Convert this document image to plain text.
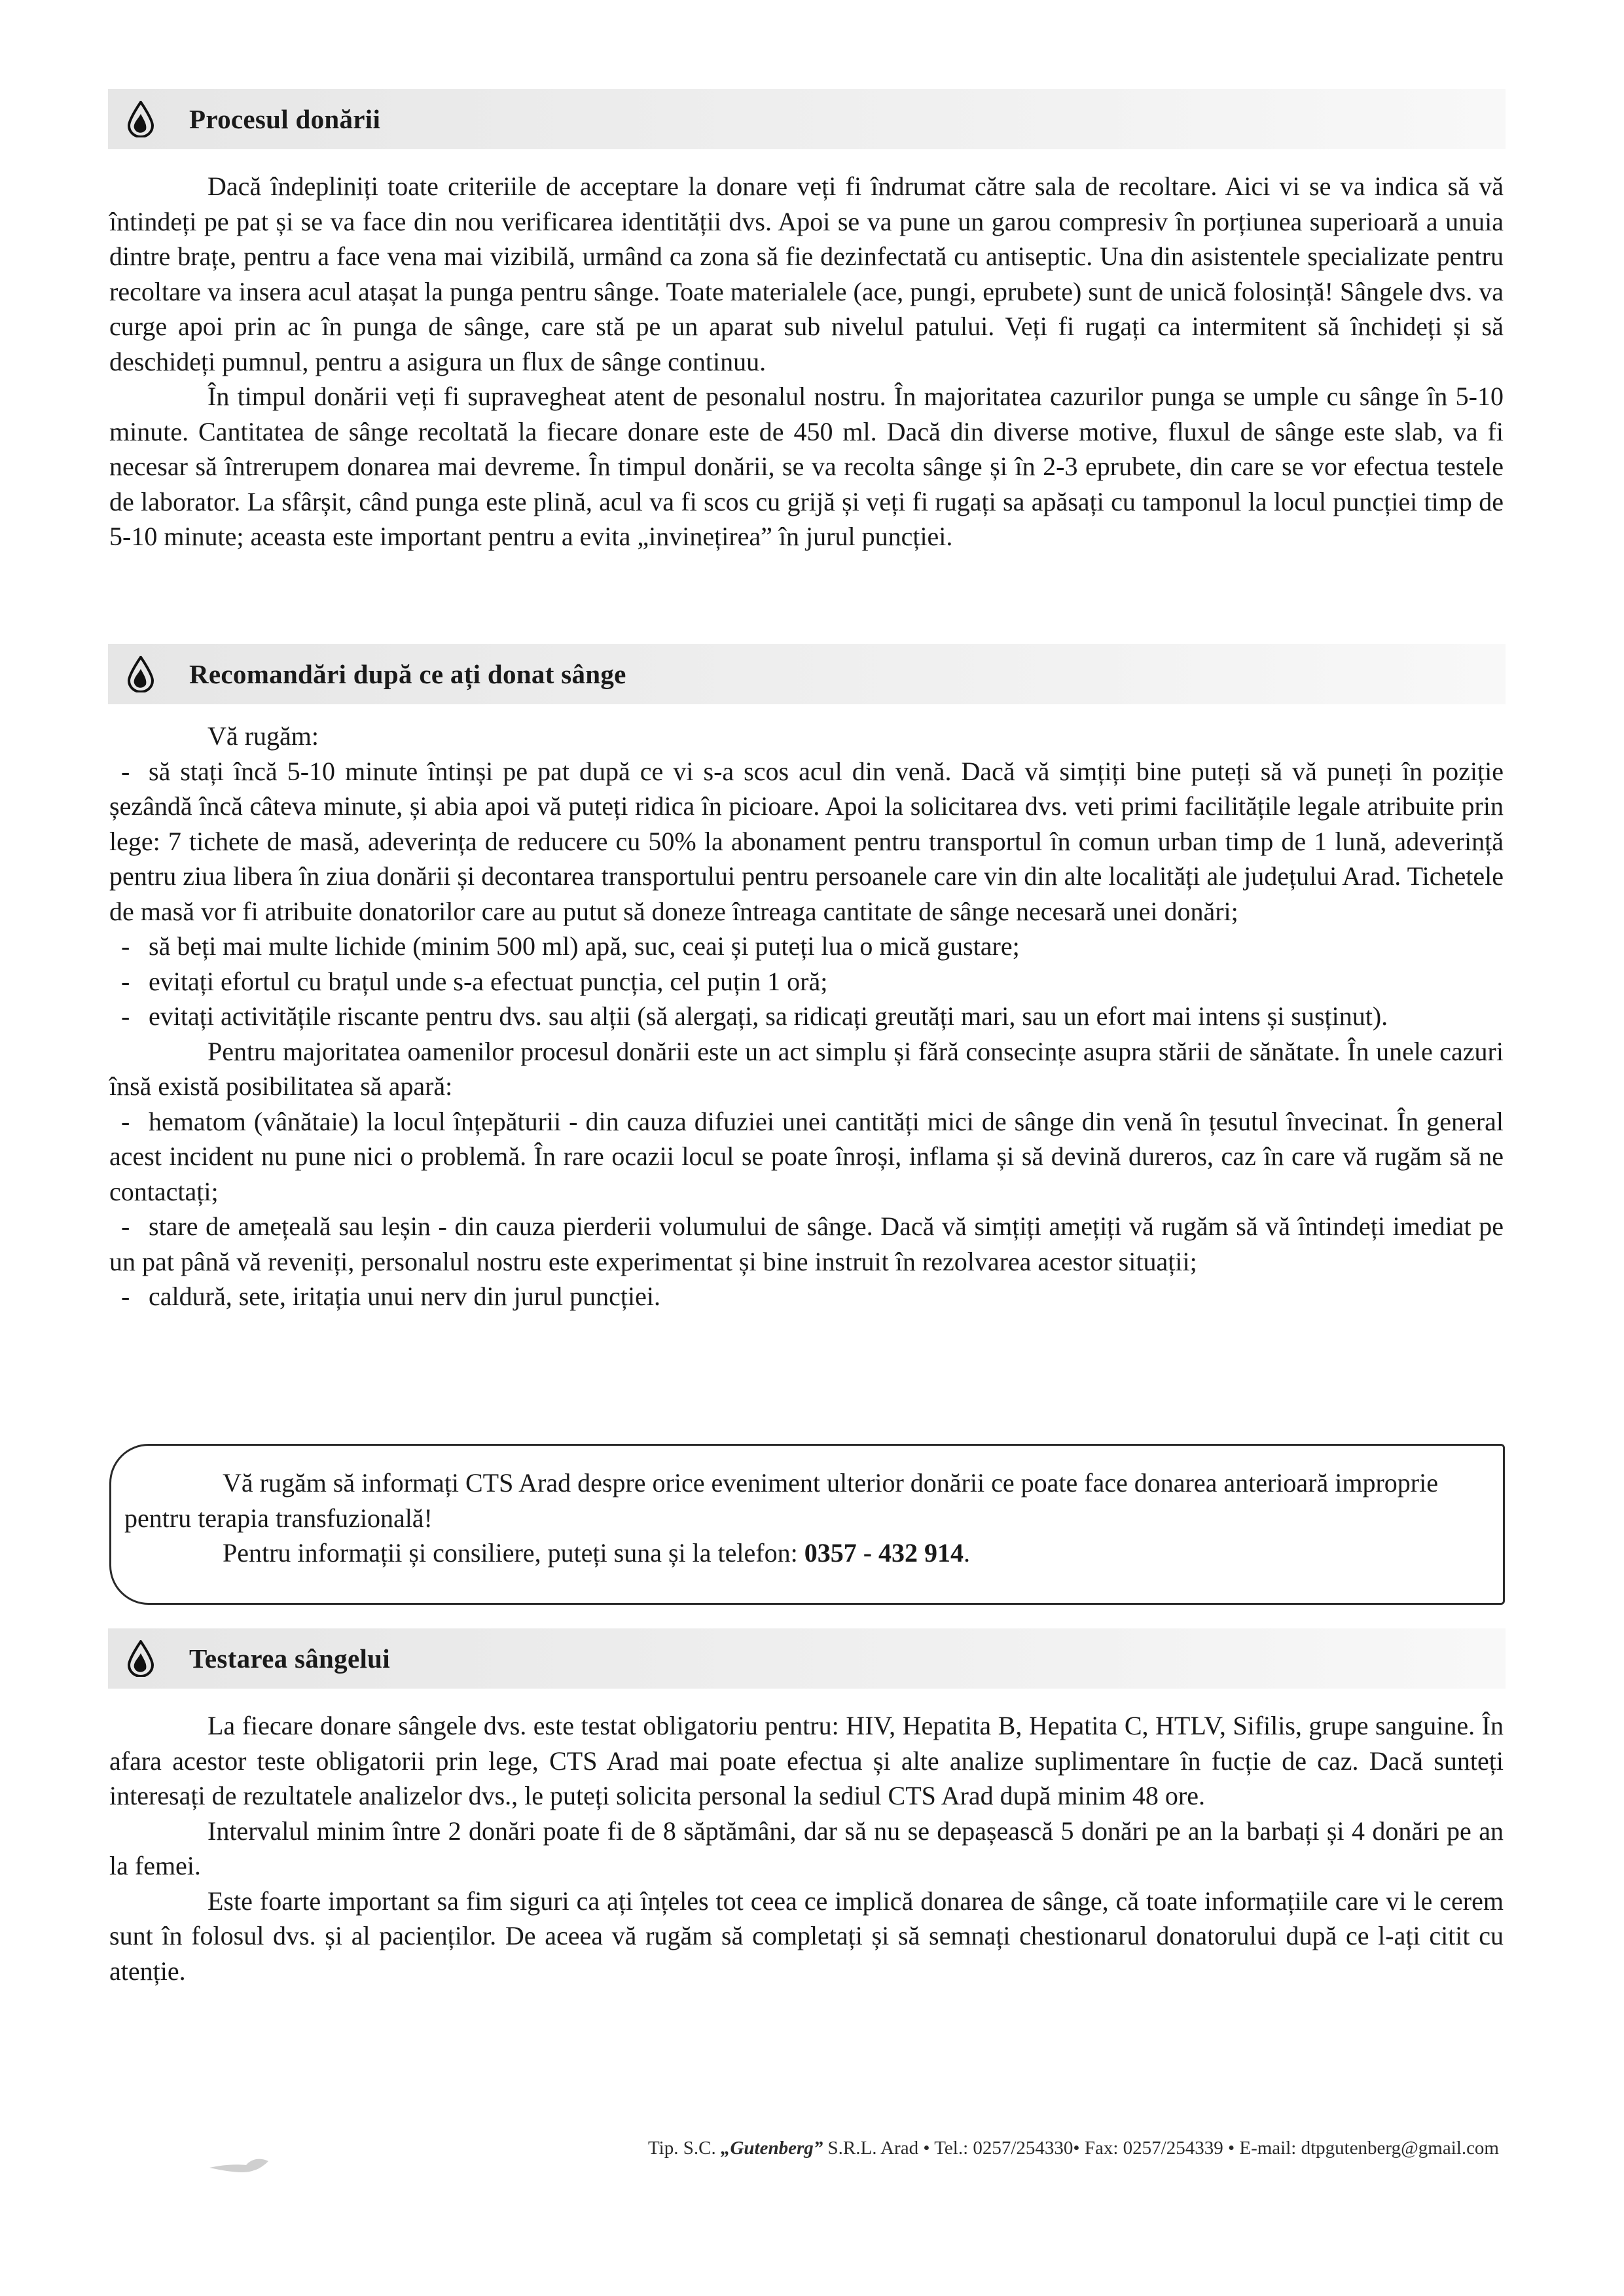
Procesul donării

Dacă îndepliniți toate criteriile de acceptare la donare veți fi îndrumat către sala de recoltare. Aici vi se va indica să vă întindeți pe pat și se va face din nou verificarea identității dvs. Apoi se va pune un garou compresiv în porțiunea superioară a unuia dintre brațe, pentru a face vena mai vizibilă, urmând ca zona să fie dezinfectată cu antiseptic. Una din asistentele specializate pentru recoltare va insera acul atașat la punga pentru sânge. Toate materialele (ace, pungi, eprubete) sunt de unică folosință! Sângele dvs. va curge apoi prin ac în punga de sânge, care stă pe un aparat sub nivelul patului. Veți fi rugați ca intermitent să închideți și să deschideți pumnul, pentru a asigura un flux de sânge continuu.

În timpul donării veți fi supravegheat atent de pesonalul nostru. În majoritatea cazurilor punga se umple cu sânge în 5-10 minute. Cantitatea de sânge recoltată la fiecare donare este de 450 ml. Dacă din diverse motive, fluxul de sânge este slab, va fi necesar să întrerupem donarea mai devreme. În timpul donării, se va recolta sânge și în 2-3 eprubete, din care se vor efectua testele de laborator. La sfârșit, când punga este plină, acul va fi scos cu grijă și veți fi rugați sa apăsați cu tamponul la locul puncției timp de 5-10 minute; aceasta este important pentru a evita „invinețirea” în jurul puncției.

Recomandări după ce ați donat sânge

Vă rugăm:

- să stați încă 5-10 minute întinși pe pat după ce vi s-a scos acul din venă. Dacă vă simțiți bine puteți să vă puneți în poziție șezândă încă câteva minute, și abia apoi vă puteți ridica în picioare. Apoi la solicitarea dvs. veti primi facilitățile legale atribuite prin lege: 7 tichete de masă, adeverința de reducere cu 50% la abonament pentru transportul în comun urban timp de 1 lună, adeverință pentru ziua libera în ziua donării și decontarea transportului pentru persoanele care vin din alte localități ale județului Arad. Tichetele de masă vor fi atribuite donatorilor care au putut să doneze întreaga cantitate de sânge necesară unei donări;

- să beți mai multe lichide (minim 500 ml) apă, suc, ceai și puteți lua o mică gustare;

- evitați efortul cu brațul unde s-a efectuat puncția, cel puțin 1 oră;

- evitați activitățile riscante pentru dvs. sau alții (să alergați, sa ridicați greutăți mari, sau un efort mai intens și susținut).

Pentru majoritatea oamenilor procesul donării este un act simplu și fără consecințe asupra stării de sănătate. În unele cazuri însă există posibilitatea să apară:

- hematom (vânătaie) la locul înțepăturii - din cauza difuziei unei cantități mici de sânge din venă în țesutul învecinat. În general acest incident nu pune nici o problemă. În rare ocazii locul se poate înroși, inflama și să devină dureros, caz în care vă rugăm să ne contactați;

- stare de amețeală sau leșin - din cauza pierderii volumului de sânge. Dacă vă simțiți amețiți vă rugăm să vă întindeți imediat pe un pat până vă reveniți, personalul nostru este experimentat și bine instruit în rezolvarea acestor situații;

- caldură, sete, iritația unui nerv din jurul puncției.

Vă rugăm să informați CTS Arad despre orice eveniment ulterior donării ce poate face donarea anterioară improprie pentru terapia transfuzională!

Pentru informații și consiliere, puteți suna și la telefon: 0357 - 432 914.

Testarea sângelui

La fiecare donare sângele dvs. este testat obligatoriu pentru: HIV, Hepatita B, Hepatita C, HTLV, Sifilis, grupe sanguine. În afara acestor teste obligatorii prin lege, CTS Arad mai poate efectua și alte analize suplimentare în fucție de caz. Dacă sunteți interesați de rezultatele analizelor dvs., le puteți solicita personal la sediul CTS Arad după minim 48 ore.

Intervalul minim între 2 donări poate fi de 8 săptămâni, dar să nu se depașească 5 donări pe an la barbați și 4 donări pe an la femei.

Este foarte important sa fim siguri ca ați înțeles tot ceea ce implică donarea de sânge, că toate informațiile care vi le cerem sunt în folosul dvs. și al pacienților. De aceea vă rugăm să completați și să semnați chestionarul donatorului după ce l-ați citit cu atenție.

Tip. S.C. „Gutenberg” S.R.L. Arad • Tel.: 0257/254330• Fax: 0257/254339 • E-mail: dtpgutenberg@gmail.com
